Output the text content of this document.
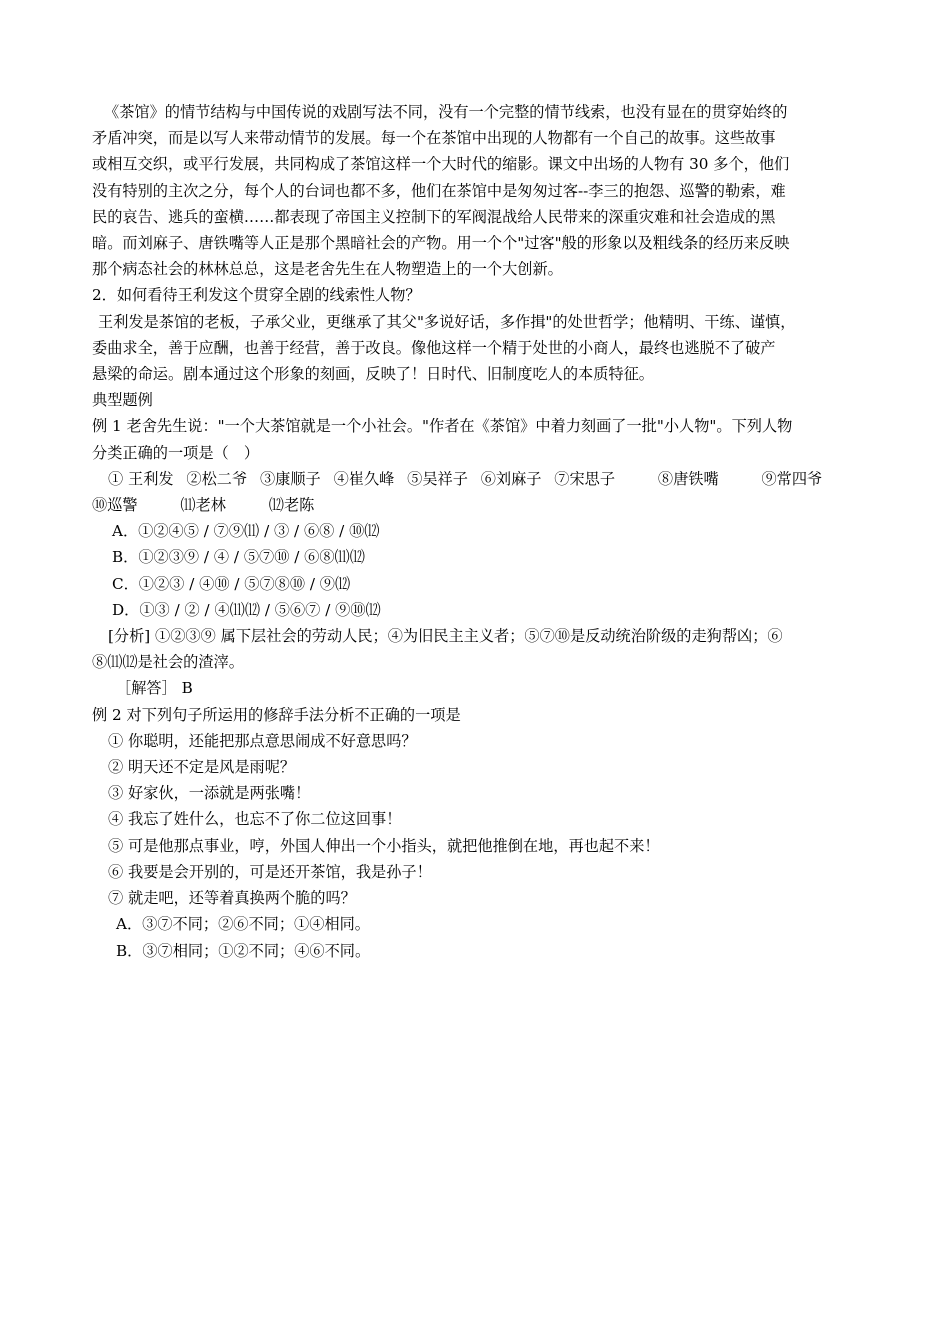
《茶馆》的情节结构与中国传说的戏剧写法不同，没有一个完整的情节线索，也没有显在的贯穿始终的

矛盾冲突，而是以写人来带动情节的发展。每一个在茶馆中出现的人物都有一个自己的故事。这些故事

或相互交织，或平行发展，共同构成了茶馆这样一个大时代的缩影。课文中出场的人物有 30 多个，他们

没有特别的主次之分，每个人的台词也都不多，他们在茶馆中是匆匆过客--李三的抱怨、巡警的勒索，难

民的哀告、逃兵的蛮横……都表现了帝国主义控制下的军阀混战给人民带来的深重灾难和社会造成的黑

暗。而刘麻子、唐铁嘴等人正是那个黑暗社会的产物。用一个个"过客"般的形象以及粗线条的经历来反映

那个病态社会的林林总总，这是老舍先生在人物塑造上的一个大创新。

2．如何看待王利发这个贯穿全剧的线索性人物？

王利发是茶馆的老板，子承父业，更继承了其父"多说好话，多作揖"的处世哲学；他精明、干练、谨慎，

委曲求全，善于应酬，也善于经营，善于改良。像他这样一个精于处世的小商人，最终也逃脱不了破产

悬梁的命运。剧本通过这个形象的刻画，反映了！日时代、旧制度吃人的本质特征。

典型题例

例 1 老舍先生说："一个大茶馆就是一个小社会。"作者在《茶馆》中着力刻画了一批"小人物"。下列人物

分类正确的一项是（　）

① 王利发 ②松二爷 ③康顺子 ④崔久峰 ⑤吴祥子 ⑥刘麻子 ⑦宋思子	⑧唐铁嘴	⑨常四爷

⑩巡警	⑾老林	⑿老陈

A．①②④⑤ / ⑦⑨⑾ / ③ / ⑥⑧ / ⑩⑿

B．①②③⑨ / ④ / ⑤⑦⑩ / ⑥⑧⑾⑿

C．①②③ / ④⑩ / ⑤⑦⑧⑩ / ⑨⑿

D．①③ / ② / ④⑾⑿ / ⑤⑥⑦ / ⑨⑩⑿

[分析] ①②③⑨ 属下层社会的劳动人民；④为旧民主主义者；⑤⑦⑩是反动统治阶级的走狗帮凶；⑥

⑧⑾⑿是社会的渣滓。

［解答］ B

例 2 对下列句子所运用的修辞手法分析不正确的一项是

① 你聪明，还能把那点意思闹成不好意思吗？

② 明天还不定是风是雨呢？

③ 好家伙，一添就是两张嘴！

④ 我忘了姓什么，也忘不了你二位这回事！

⑤ 可是他那点事业，哼，外国人伸出一个小指头，就把他推倒在地，再也起不来！

⑥ 我要是会开别的，可是还开茶馆，我是孙子！

⑦ 就走吧，还等着真换两个脆的吗？

A．③⑦不同；②⑥不同；①④相同。

B．③⑦相同；①②不同；④⑥不同。
